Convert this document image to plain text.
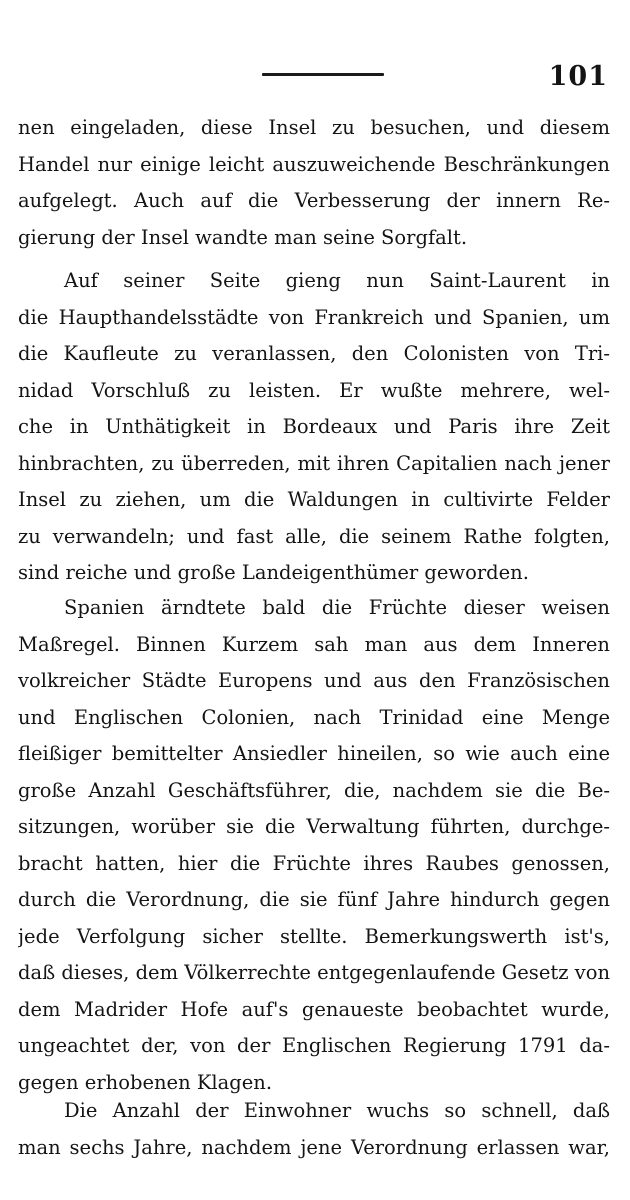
101
nen eingeladen, diese Insel zu besuchen, und diesem
Handel nur einige leicht auszuweichende Beschränkungen
aufgelegt. Auch auf die Verbesserung der innern Re-
gierung der Insel wandte man seine Sorgfalt.
Auf seiner Seite gieng nun Saint-Laurent in
die Haupthandelsstädte von Frankreich und Spanien, um
die Kaufleute zu veranlassen, den Colonisten von Tri-
nidad Vorschluß zu leisten. Er wußte mehrere, wel-
che in Unthätigkeit in Bordeaux und Paris ihre Zeit
hinbrachten, zu überreden, mit ihren Capitalien nach jener
Insel zu ziehen, um die Waldungen in cultivirte Felder
zu verwandeln; und fast alle, die seinem Rathe folgten,
sind reiche und große Landeigenthümer geworden.
Spanien ärndtete bald die Früchte dieser weisen
Maßregel. Binnen Kurzem sah man aus dem Inneren
volkreicher Städte Europens und aus den Französischen
und Englischen Colonien, nach Trinidad eine Menge
fleißiger bemittelter Ansiedler hineilen, so wie auch eine
große Anzahl Geschäftsführer, die, nachdem sie die Be-
sitzungen, worüber sie die Verwaltung führten, durchge-
bracht hatten, hier die Früchte ihres Raubes genossen,
durch die Verordnung, die sie fünf Jahre hindurch gegen
jede Verfolgung sicher stellte. Bemerkungswerth ist's,
daß dieses, dem Völkerrechte entgegenlaufende Gesetz von
dem Madrider Hofe auf's genaueste beobachtet wurde,
ungeachtet der, von der Englischen Regierung 1791 da-
gegen erhobenen Klagen.
Die Anzahl der Einwohner wuchs so schnell, daß
man sechs Jahre, nachdem jene Verordnung erlassen war,
